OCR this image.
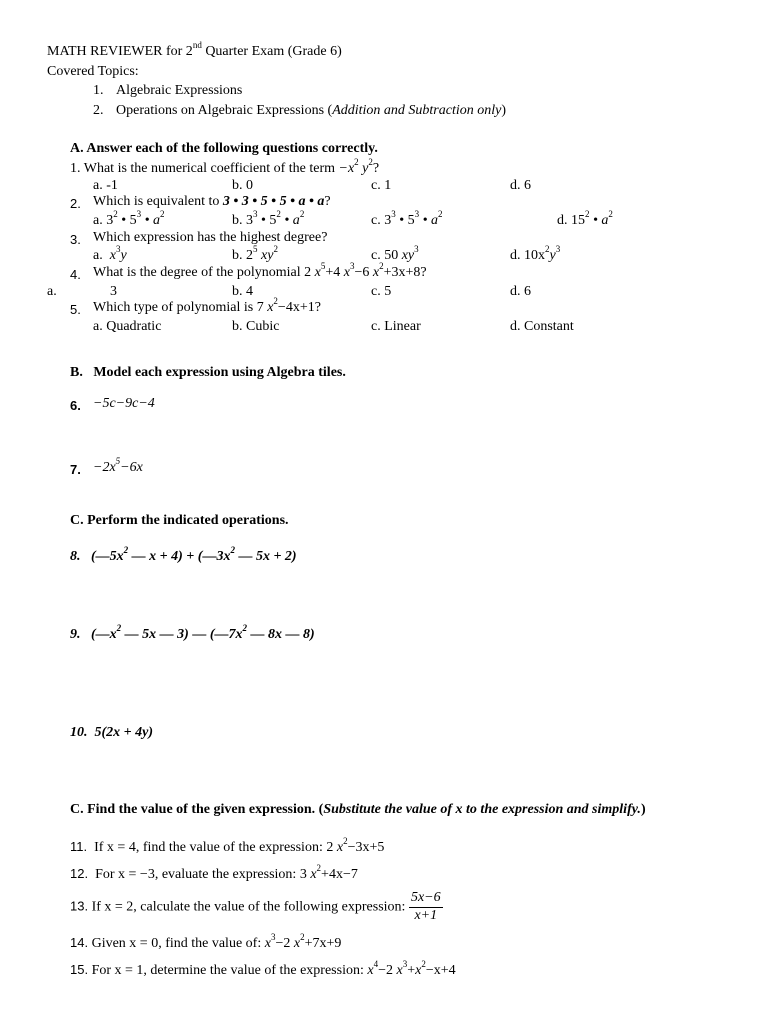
MATH REVIEWER for 2nd Quarter Exam (Grade 6)
Covered Topics:
1. Algebraic Expressions
2. Operations on Algebraic Expressions (Addition and Subtraction only)
A. Answer each of the following questions correctly.
1. What is the numerical coefficient of the term $-x^2$ $y^2$?
a. -1	b. 0	c. 1	d. 6
2. Which is equivalent to 3 • 3 • 5 • 5 • a • a?
a. $3^2$ • $5^3$ • $a^2$	b. $3^3$ • $5^2$ • $a^2$	c. $3^3$ • $5^3$ • $a^2$	d. $15^2$ • $a^2$
3. Which expression has the highest degree?
a. $x^3y$	b. $2^5$ $xy^2$	c. 50 $xy^3$	d. $10x^2y^3$
4. What is the degree of the polynomial 2 $x^5+4$ $x^3-6$ $x^2+3x+8$?
a.	3	b. 4	c. 5	d. 6
5. Which type of polynomial is 7 $x^2-4x+1$?
a. Quadratic	b. Cubic	c. Linear	d. Constant
B. Model each expression using Algebra tiles.
6. −5c−9c−4
7. $-2x^5-6x$
C. Perform the indicated operations.
8. ($—5x^2$ — $x + 4) + (—3x^2$ — 5x + 2)
9. ($—x^2$ — 5x — 3) — ($—7x^2$ — 8x — 8)
10. 5(2x + 4y)
C. Find the value of the given expression. (Substitute the value of x to the expression and simplify.)
11. If x = 4, find the value of the expression: 2 $x^2-3x+5$
12. For x = −3, evaluate the expression: 3 $x^2+4x-7$
13. If x = 2, calculate the value of the following expression: $\frac{5x-6}{x+1}$
14. Given x = 0, find the value of: $x^3-2$ $x^2+7x+9$
15. For x = 1, determine the value of the expression: $x^4-2$ $x^3+x^2-x+4$
